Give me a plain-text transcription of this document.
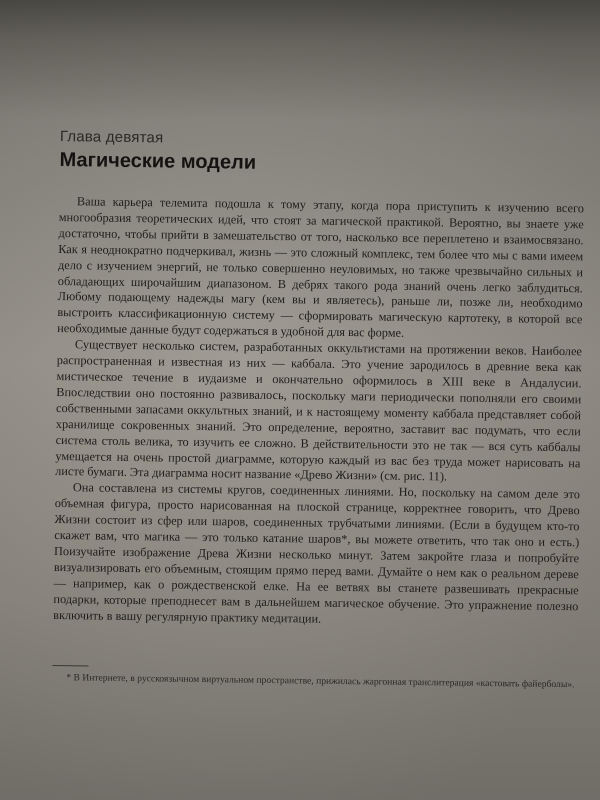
Глава девятая
Магические модели

Ваша карьера телемита подошла к тому этапу, когда пора приступить к изучению всего многообразия теоретических идей, что стоят за магической практикой. Вероятно, вы знаете уже достаточно, чтобы прийти в замешательство от того, насколько все переплетено и взаимосвязано. Как я неоднократно подчеркивал, жизнь — это сложный комплекс, тем более что мы с вами имеем дело с изучением энергий, не только совершенно неуловимых, но также чрезвычайно сильных и обладающих широчайшим диапазоном. В дебрях такого рода знаний очень легко заблудиться. Любому подающему надежды магу (кем вы и являетесь), раньше ли, позже ли, необходимо выстроить классификационную систему — сформировать магическую картотеку, в которой все необходимые данные будут содержаться в удобной для вас форме.

Существует несколько систем, разработанных оккультистами на протяжении веков. Наиболее распространенная и известная из них — каббала. Это учение зародилось в древние века как мистическое течение в иудаизме и окончательно оформилось в XIII веке в Андалусии. Впоследствии оно постоянно развивалось, поскольку маги периодически пополняли его своими собственными запасами оккультных знаний, и к настоящему моменту каббала представляет собой хранилище сокровенных знаний. Это определение, вероятно, заставит вас подумать, что если система столь велика, то изучить ее сложно. В действительности это не так — вся суть каббалы умещается на очень простой диаграмме, которую каждый из вас без труда может нарисовать на листе бумаги. Эта диаграмма носит название «Древо Жизни» (см. рис. 11).

Она составлена из системы кругов, соединенных линиями. Но, поскольку на самом деле это объемная фигура, просто нарисованная на плоской странице, корректнее говорить, что Древо Жизни состоит из сфер или шаров, соединенных трубчатыми линиями. (Если в будущем кто-то скажет вам, что магика — это только катание шаров*, вы можете ответить, что так оно и есть.) Поизучайте изображение Древа Жизни несколько минут. Затем закройте глаза и попробуйте визуализировать его объемным, стоящим прямо перед вами. Думайте о нем как о реальном дереве — например, как о рождественской елке. На ее ветвях вы станете развешивать прекрасные подарки, которые преподнесет вам в дальнейшем магическое обучение. Это упражнение полезно включить в вашу регулярную практику медитации.

* В Интернете, в русскоязычном виртуальном пространстве, прижилась жаргонная транслитерация «кастовать файерболы».
